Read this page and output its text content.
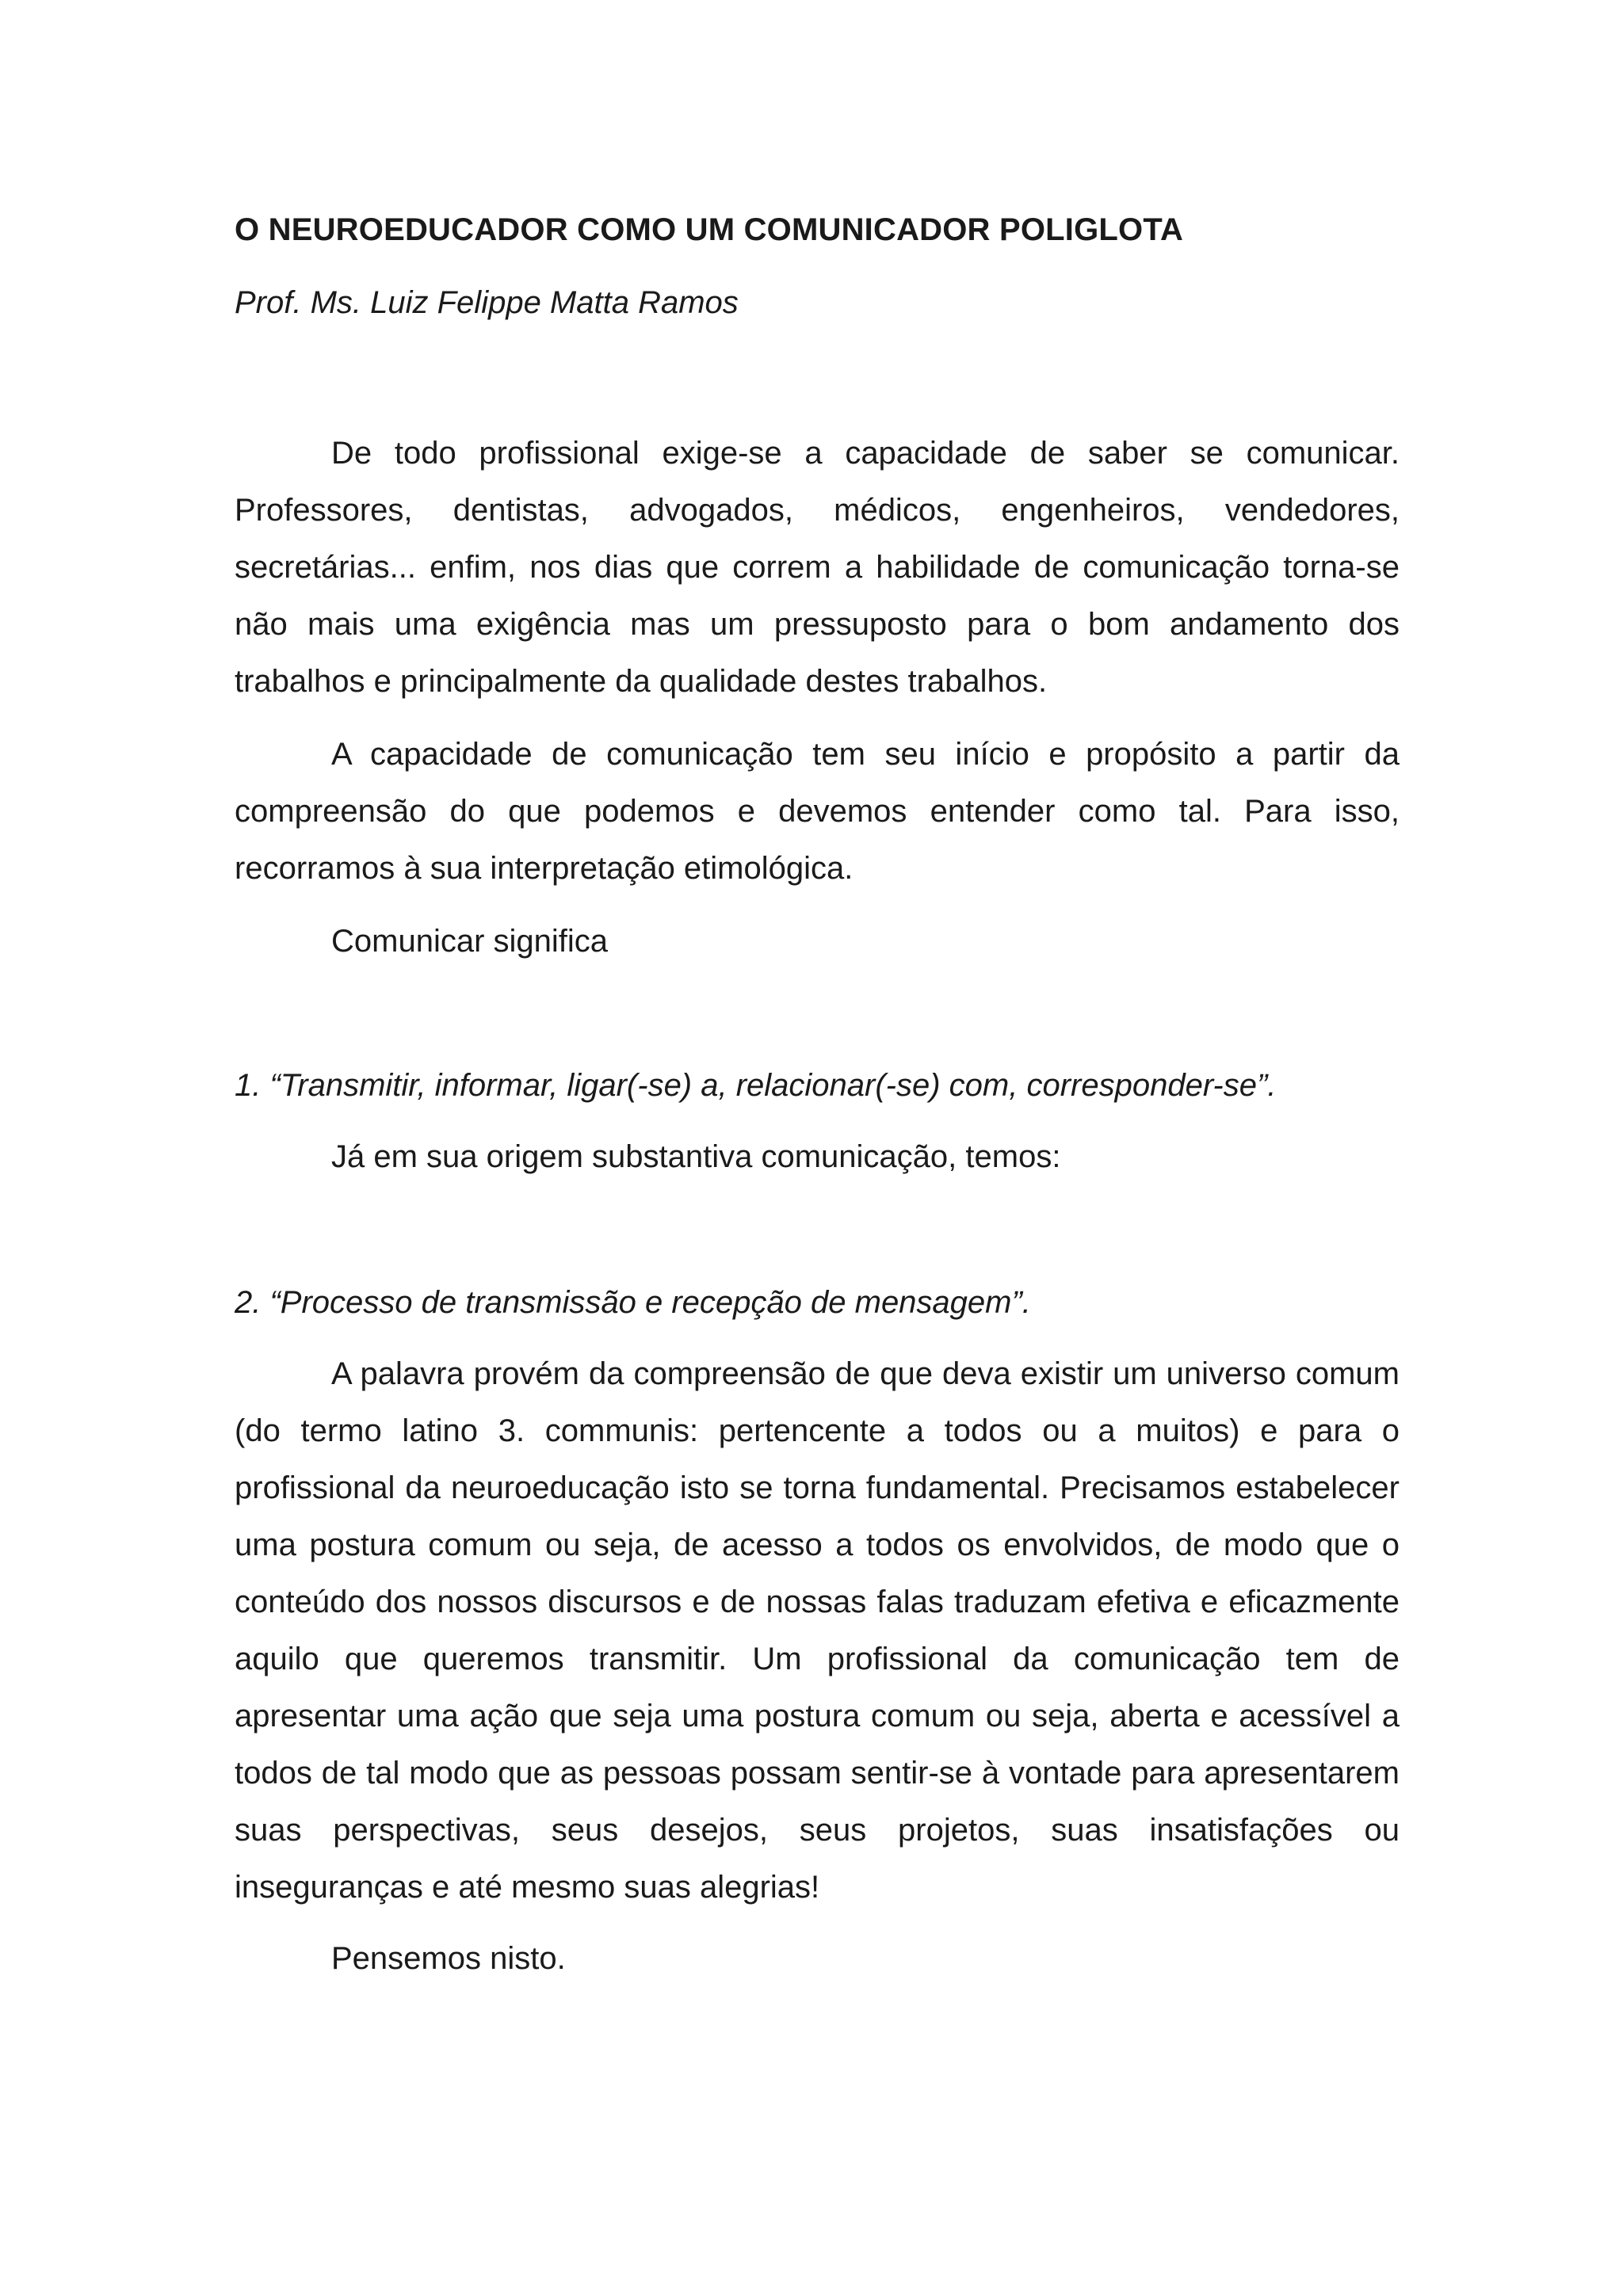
O NEUROEDUCADOR COMO UM COMUNICADOR POLIGLOTA

Prof. Ms. Luiz Felippe Matta Ramos

De todo profissional exige-se a capacidade de saber se comunicar. Professores, dentistas, advogados, médicos, engenheiros, vendedores, secretárias... enfim, nos dias que correm a habilidade de comunicação torna-se não mais uma exigência mas um pressuposto para o bom andamento dos trabalhos e principalmente da qualidade destes trabalhos.

A capacidade de comunicação tem seu início e propósito a partir da compreensão do que podemos e devemos entender como tal. Para isso, recorramos à sua interpretação etimológica.

Comunicar significa

1. “Transmitir, informar, ligar(-se) a, relacionar(-se) com, corresponder-se”.

Já em sua origem substantiva comunicação, temos:

2. “Processo de transmissão e recepção de mensagem”.

A palavra provém da compreensão de que deva existir um universo comum (do termo latino 3. communis: pertencente a todos ou a muitos) e para o profissional da neuroeducação isto se torna fundamental. Precisamos estabelecer uma postura comum ou seja, de acesso a todos os envolvidos, de modo que o conteúdo dos nossos discursos e de nossas falas traduzam efetiva e eficazmente aquilo que queremos transmitir. Um profissional da comunicação tem de apresentar uma ação que seja uma postura comum ou seja, aberta e acessível a todos de tal modo que as pessoas possam sentir-se à vontade para apresentarem suas perspectivas, seus desejos, seus projetos, suas insatisfações ou inseguranças e até mesmo suas alegrias!

Pensemos nisto.
